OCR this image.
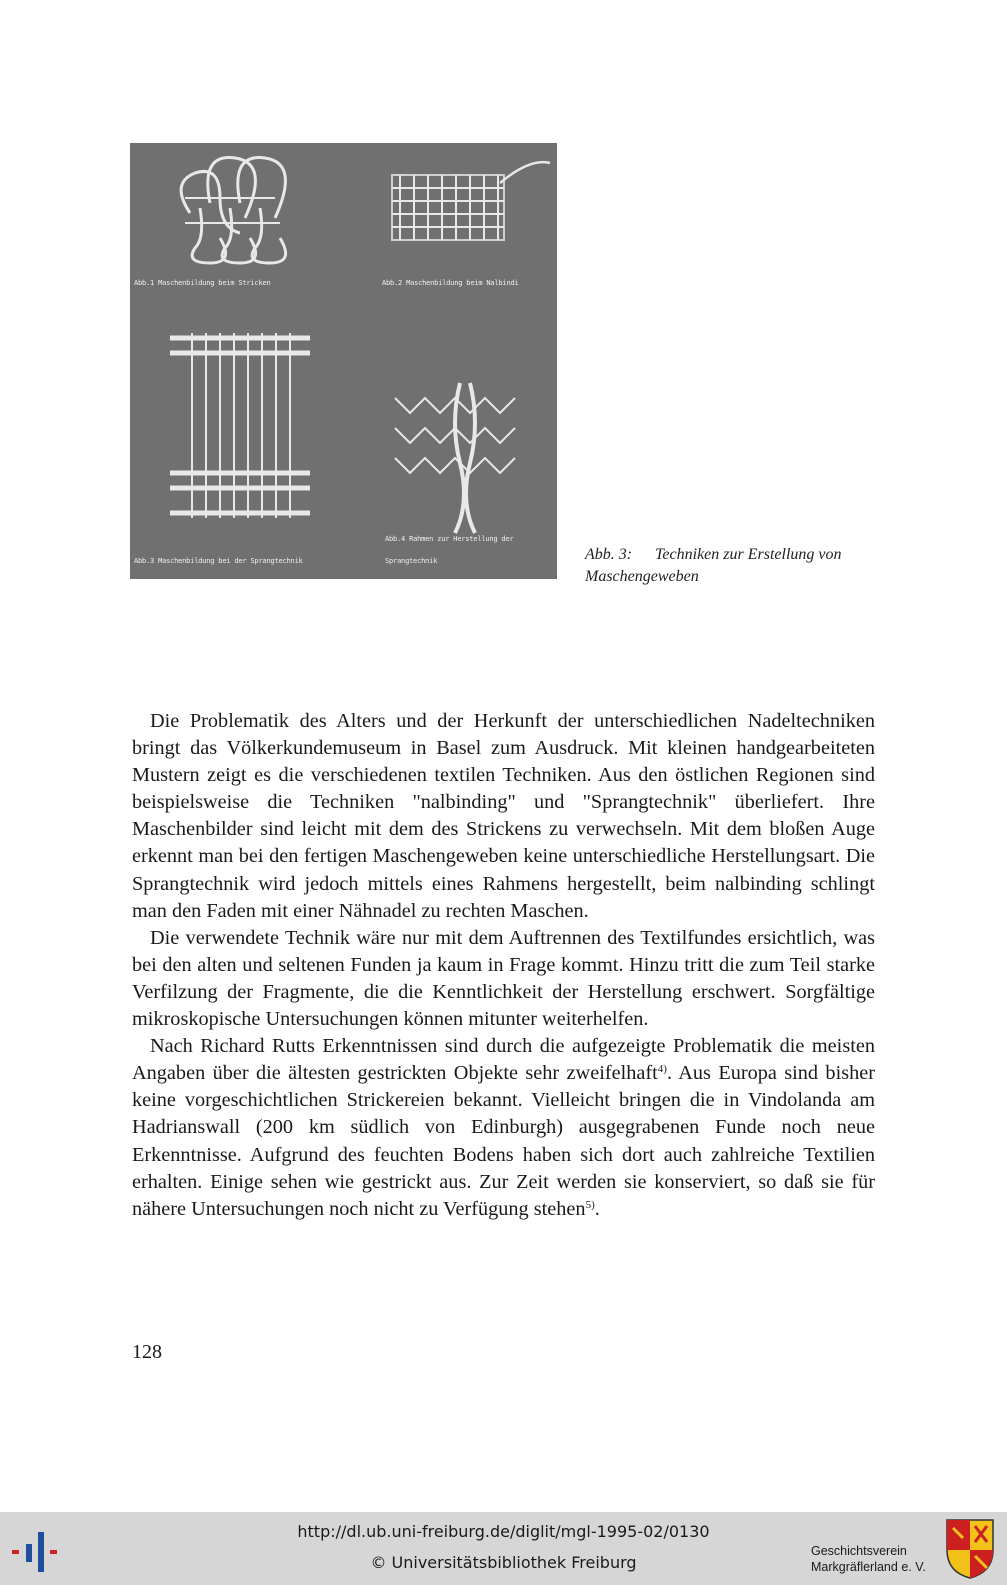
Abb.1 Maschenbildung beim Stricken	Abb.2 Maschenbildung beim Nalbindi
Abb.3 Maschenbildung bei der Sprangtechnik
Abb.4 Rahmen zur Herstellung der
Sprangtechnik	Abb. 3: Techniken zur Erstellung von
Maschengeweben

Die Problematik des Alters und der Herkunft der unterschiedlichen Nadeltechniken bringt das Völkerkundemuseum in Basel zum Ausdruck. Mit kleinen handgearbeiteten Mustern zeigt es die verschiedenen textilen Techniken. Aus den östlichen Regionen sind beispielsweise die Techniken "nalbinding" und "Sprangtechnik" überliefert. Ihre Maschenbilder sind leicht mit dem des Strickens zu verwechseln. Mit dem bloßen Auge erkennt man bei den fertigen Maschengeweben keine unterschiedliche Herstellungsart. Die Sprangtechnik wird jedoch mittels eines Rahmens hergestellt, beim nalbinding schlingt man den Faden mit einer Nähnadel zu rechten Maschen.

Die verwendete Technik wäre nur mit dem Auftrennen des Textilfundes ersichtlich, was bei den alten und seltenen Funden ja kaum in Frage kommt. Hinzu tritt die zum Teil starke Verfilzung der Fragmente, die die Kenntlichkeit der Herstellung erschwert. Sorgfältige mikroskopische Untersuchungen können mitunter weiterhelfen.

Nach Richard Rutts Erkenntnissen sind durch die aufgezeigte Problematik die meisten Angaben über die ältesten gestrickten Objekte sehr zweifelhaft$^{4)}$. Aus Europa sind bisher keine vorgeschichtlichen Strickereien bekannt. Vielleicht bringen die in Vindolanda am Hadrianswall (200 km südlich von Edinburgh) ausgegrabenen Funde noch neue Erkenntnisse. Aufgrund des feuchten Bodens haben sich dort auch zahlreiche Textilien erhalten. Einige sehen wie gestrickt aus. Zur Zeit werden sie konserviert, so daß sie für nähere Untersuchungen noch nicht zu Verfügung stehen$^{5)}$.

128
http://dl.ub.uni-freiburg.de/diglit/mgl-1995-02/0130
© Universitätsbibliothek Freiburg
Geschichtsverein
Markgräflerland e. V.
